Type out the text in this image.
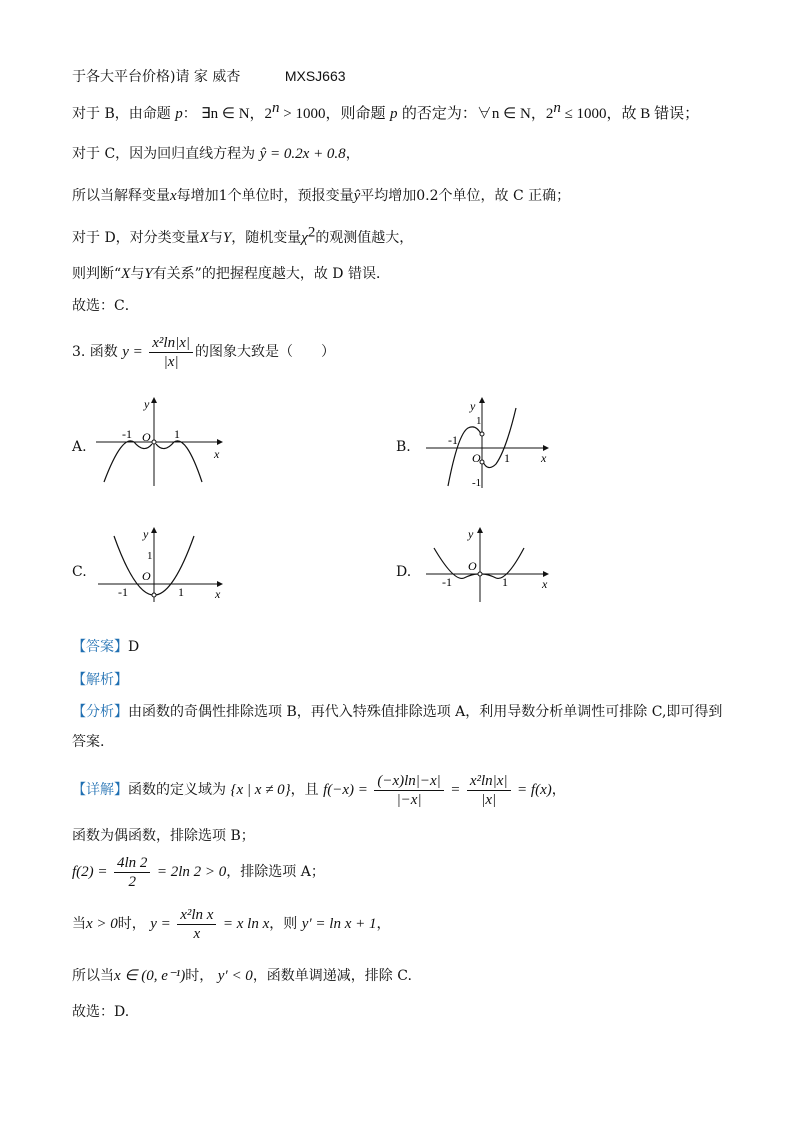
于各大平台价格)请 家 威杏	MXSJ663
对于 B，由命题 p： ∃n ∈ N，$2^n > 1000$，则命题 p 的否定为：∀n ∈ N，$2^n \le 1000$，故 B 错误；
对于 C，因为回归直线方程为 ŷ = 0.2x + 0.8，
所以当解释变量x每增加1个单位时，预报变量ŷ平均增加0.2个单位，故 C 正确；
对于 D，对分类变量X与Y，随机变量$\chi^2$的观测值越大，
则判断“X与Y有关系”的把握程度越大，故 D 错误．
故选：C．
3. 函数 $y = \frac{\text{x²ln|x|}}{|x|}$ 的图象大致是（　　）
A.	B.
C.	D.
y
x
O
-1	1
y
1
x
O
-1
1
-1
y
1
x
O
-1	1
y
x
O
-1	1
【答案】D
【解析】
【分析】由函数的奇偶性排除选项 B，再代入特殊值排除选项 A，利用导数分析单调性可排除 C,即可得到
答案.
【详解】函数的定义域为 {x | x ≠ 0}，且 $f(-x) = \frac{(-x)\ln|-x|}{|-x|} = \frac{\text{x²ln|x|}}{|x|} = f(x)$，
函数为偶函数，排除选项 B；
$f(2) = \frac{4\ln 2}{2} = 2\ln$ 2 > 0，排除选项 A；
当x > 0时， $y = \frac{\text{x²ln x}}{x} = x$ ln x，则 y′ = ln x + 1，
所以当x ∈ (0, e⁻¹)时， y′ < 0，函数单调递减，排除 C.
故选：D.
